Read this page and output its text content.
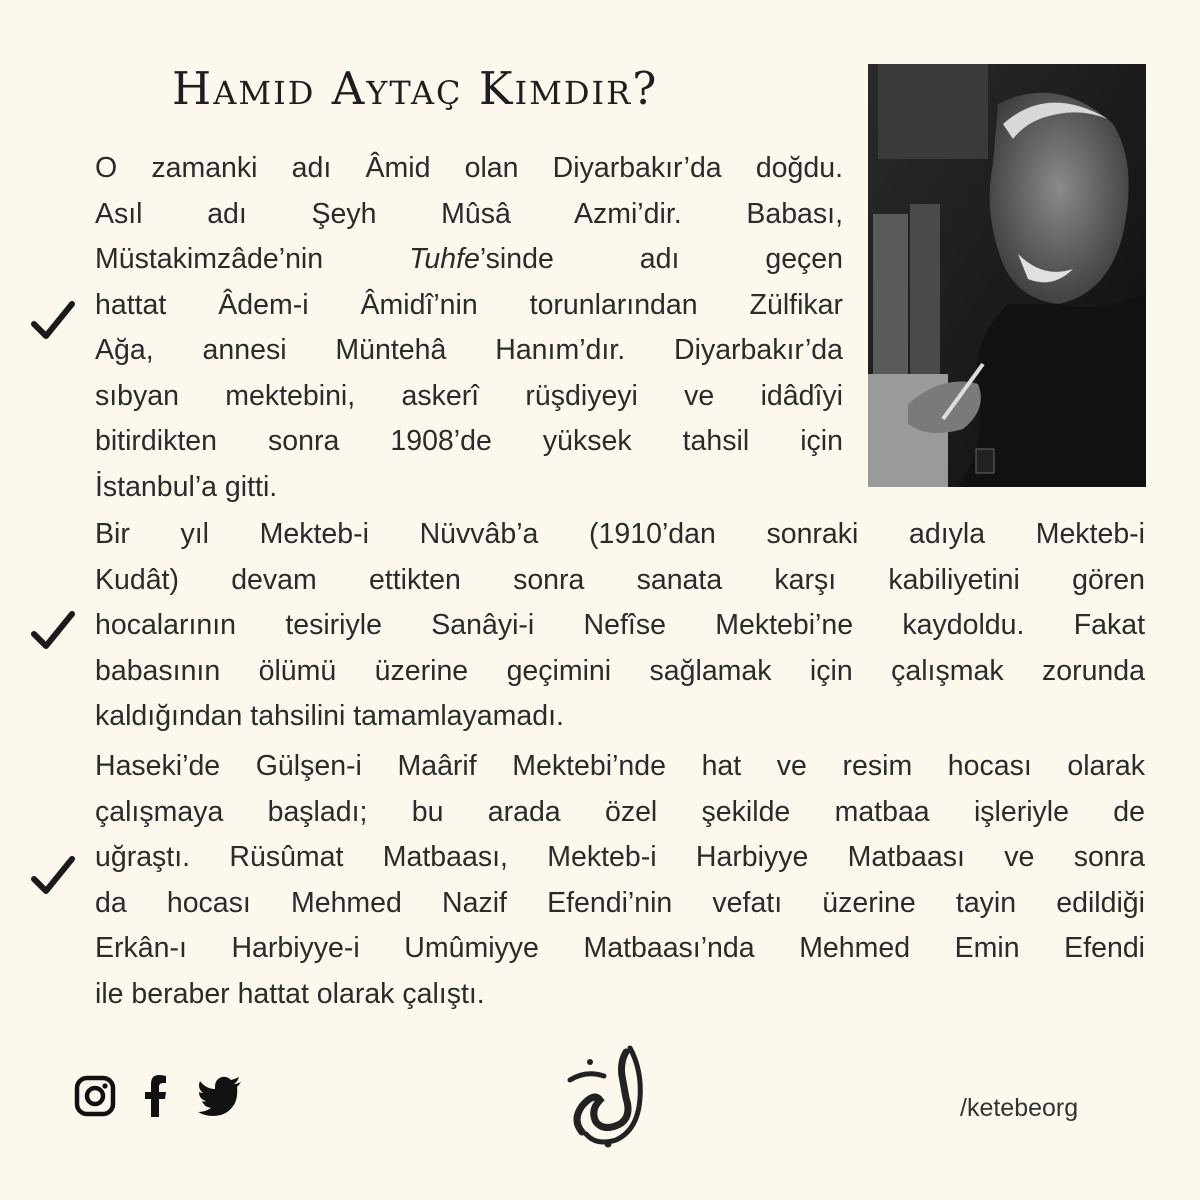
Hamid Aytaç Kimdir?
O zamanki adı Âmid olan Diyarbakır’da doğdu.
Asıl adı Şeyh Mûsâ Azmi’dir. Babası,
Müstakimzâde’nin Tuhfe’sinde adı geçen
hattat Âdem-i Âmidî’nin torunlarından Zülfikar
Ağa, annesi Müntehâ Hanım’dır. Diyarbakır’da
sıbyan mektebini, askerî rüşdiyeyi ve idâdîyi
bitirdikten sonra 1908’de yüksek tahsil için
İstanbul’a gitti.
Bir yıl Mekteb-i Nüvvâb’a (1910’dan sonraki adıyla Mekteb-i
Kudât) devam ettikten sonra sanata karşı kabiliyetini gören
hocalarının tesiriyle Sanâyi-i Nefîse Mektebi’ne kaydoldu. Fakat
babasının ölümü üzerine geçimini sağlamak için çalışmak zorunda
kaldığından tahsilini tamamlayamadı.
Haseki’de Gülşen-i Maârif Mektebi’nde hat ve resim hocası olarak
çalışmaya başladı; bu arada özel şekilde matbaa işleriyle de
uğraştı. Rüsûmat Matbaası, Mekteb-i Harbiyye Matbaası ve sonra
da hocası Mehmed Nazif Efendi’nin vefatı üzerine tayin edildiği
Erkân-ı Harbiyye-i Umûmiyye Matbaası’nda Mehmed Emin Efendi
ile beraber hattat olarak çalıştı.
/ketebeorg
